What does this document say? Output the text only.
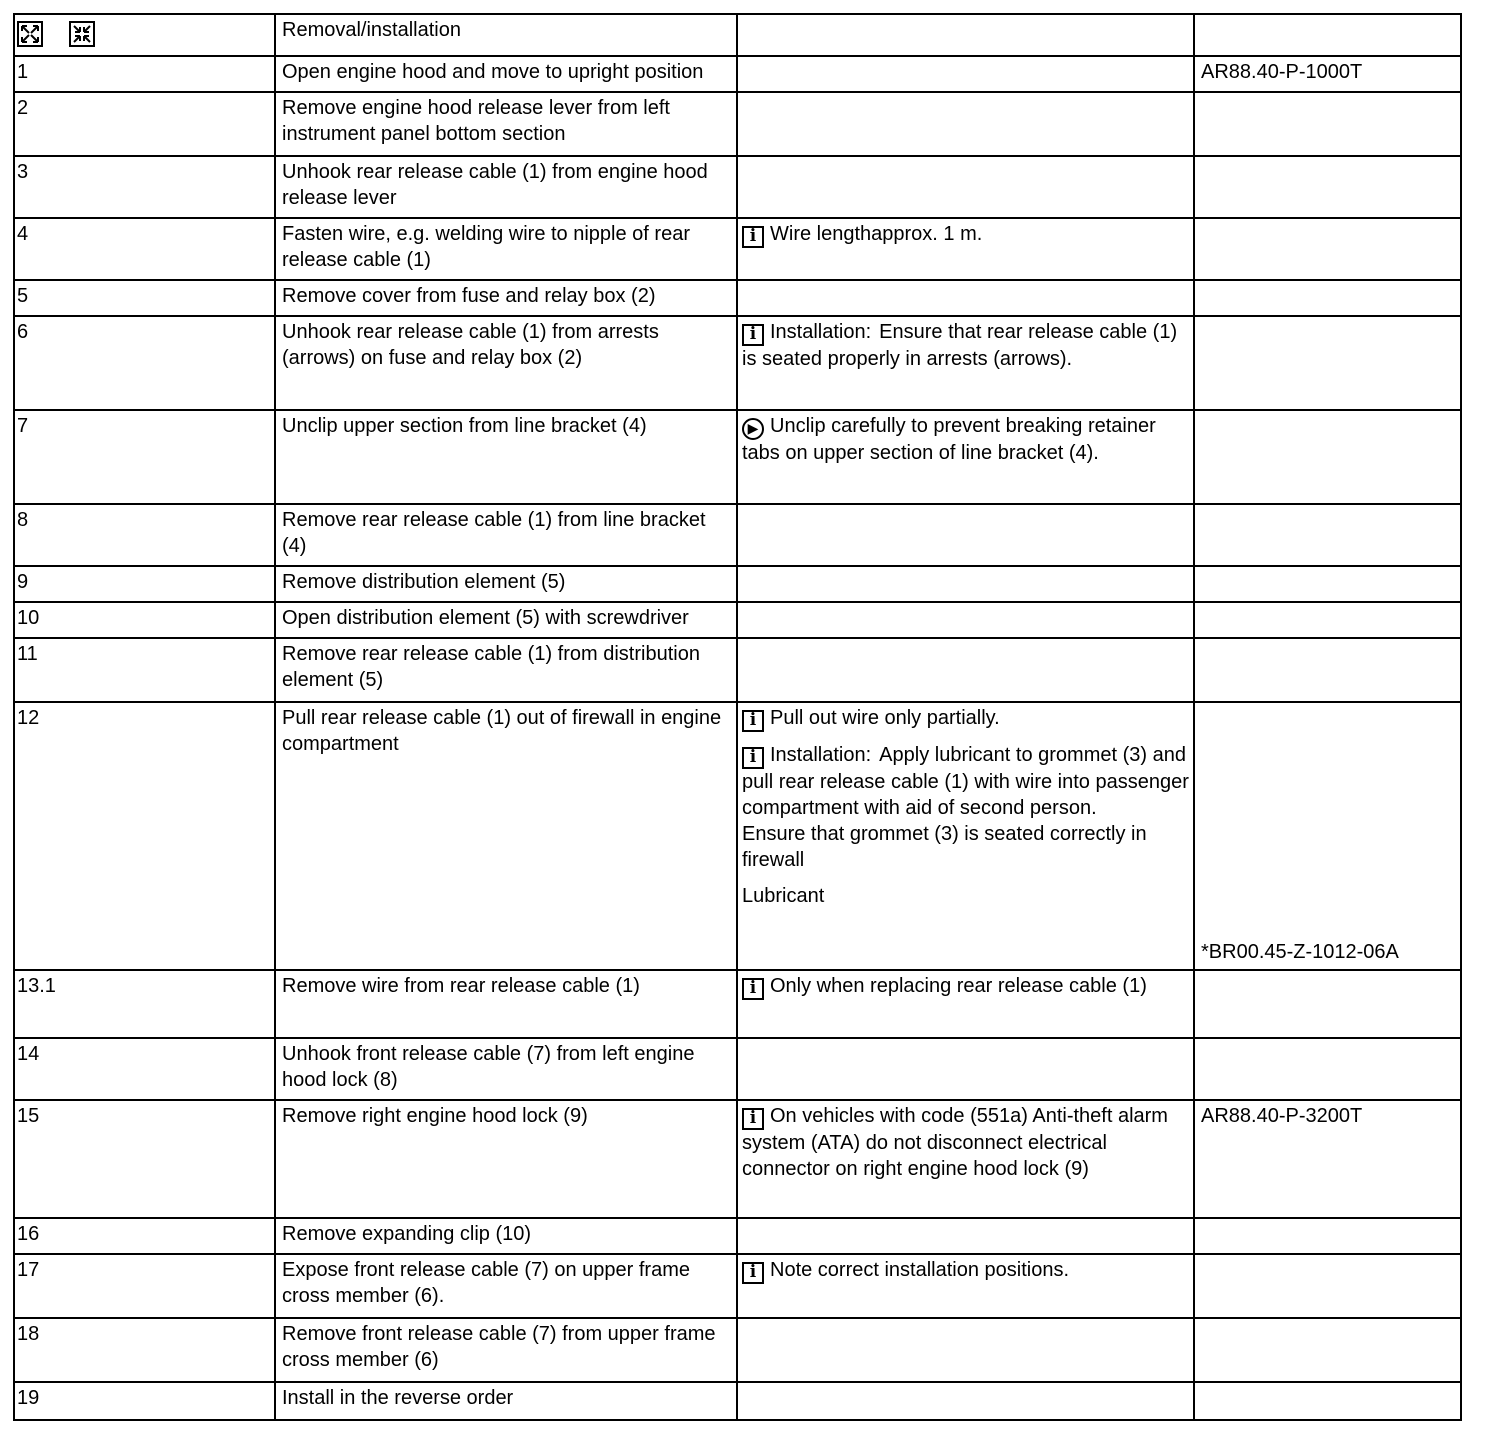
	Removal/installation		
1	Open engine hood and move to upright position		AR88.40-P-1000T
2	Remove engine hood release lever from left instrument panel bottom section		
3	Unhook rear release cable (1) from engine hood release lever		
4	Fasten wire, e.g. welding wire to nipple of rear release cable (1)	i Wire lengthapprox. 1 m.	

5	Remove cover from fuse and relay box (2)		
6	Unhook rear release cable (1) from arrests (arrows) on fuse and relay box (2)	i Installation: Ensure that rear release cable (1) is seated properly in arrests (arrows).	

7	Unclip upper section from line bracket (4)	▶ Unclip carefully to prevent breaking retainer tabs on upper section of line bracket (4).	

8	Remove rear release cable (1) from line bracket (4)		
9	Remove distribution element (5)		
10	Open distribution element (5) with screwdriver		
11	Remove rear release cable (1) from distribution element (5)		
12	Pull rear release cable (1) out of firewall in engine compartment	i Pull out wire only partially.
i Installation: Apply lubricant to grommet (3) and pull rear release cable (1) with wire into passenger compartment with aid of second person.
Ensure that grommet (3) is seated correctly in firewall
Lubricant	*BR00.45-Z-1012-06A
13.1	Remove wire from rear release cable (1)	i Only when replacing rear release cable (1)	

14	Unhook front release cable (7) from left engine hood lock (8)		
15	Remove right engine hood lock (9)	i On vehicles with code (551a) Anti-theft alarm system (ATA) do not disconnect electrical connector on right engine hood lock (9)	AR88.40-P-3200T
16	Remove expanding clip (10)		
17	Expose front release cable (7) on upper frame cross member (6).	i Note correct installation positions.	

18	Remove front release cable (7) from upper frame cross member (6)		
19	Install in the reverse order		
